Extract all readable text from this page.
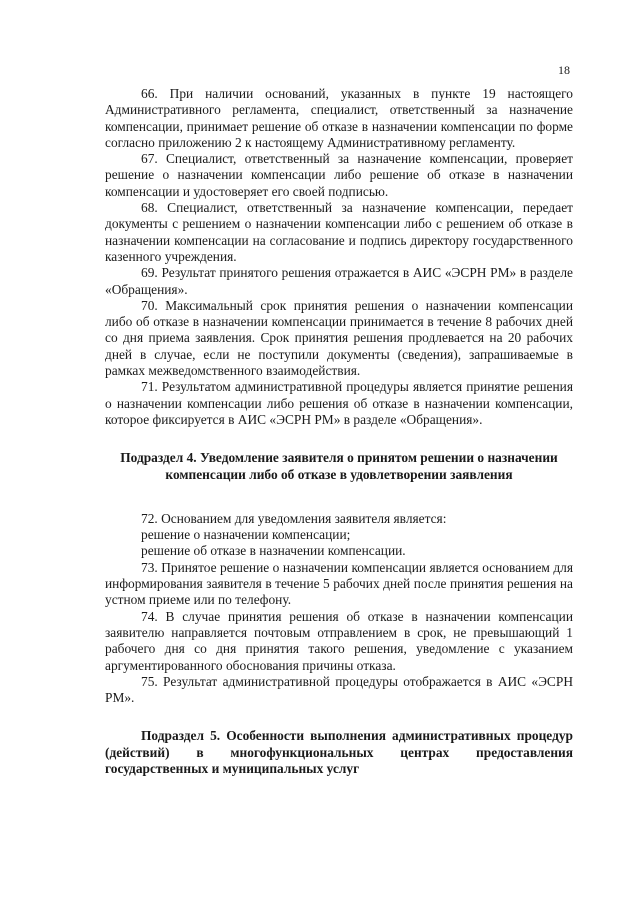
18

66. При наличии оснований, указанных в пункте 19 настоящего Административного регламента, специалист, ответственный за назначение компенсации, принимает решение об отказе в назначении компенсации по форме согласно приложению 2 к настоящему Административному регламенту.

67. Специалист, ответственный за назначение компенсации, проверяет решение о назначении компенсации либо решение об отказе в назначении компенсации и удостоверяет его своей подписью.

68. Специалист, ответственный за назначение компенсации, передает документы с решением о назначении компенсации либо с решением об отказе в назначении компенсации на согласование и подпись директору государственного казенного учреждения.

69. Результат принятого решения отражается в АИС «ЭСРН РМ» в разделе «Обращения».

70. Максимальный срок принятия решения о назначении компенсации либо об отказе в назначении компенсации принимается в течение 8 рабочих дней со дня приема заявления. Срок принятия решения продлевается на 20 рабочих дней в случае, если не поступили документы (сведения), запрашиваемые в рамках межведомственного взаимодействия.

71. Результатом административной процедуры является принятие решения о назначении компенсации либо решения об отказе в назначении компенсации, которое фиксируется в АИС «ЭСРН РМ» в разделе «Обращения».

Подраздел 4. Уведомление заявителя о принятом решении о назначении компенсации либо об отказе в удовлетворении заявления

72. Основанием для уведомления заявителя является:

решение о назначении компенсации;

решение об отказе в назначении компенсации.

73. Принятое решение о назначении компенсации является основанием для информирования заявителя в течение 5 рабочих дней после принятия решения на устном приеме или по телефону.

74. В случае принятия решения об отказе в назначении компенсации заявителю направляется почтовым отправлением в срок, не превышающий 1 рабочего дня со дня принятия такого решения, уведомление с указанием аргументированного обоснования причины отказа.

75. Результат административной процедуры отображается в АИС «ЭСРН РМ».

Подраздел 5. Особенности выполнения административных процедур (действий) в многофункциональных центрах предоставления государственных и муниципальных услуг
